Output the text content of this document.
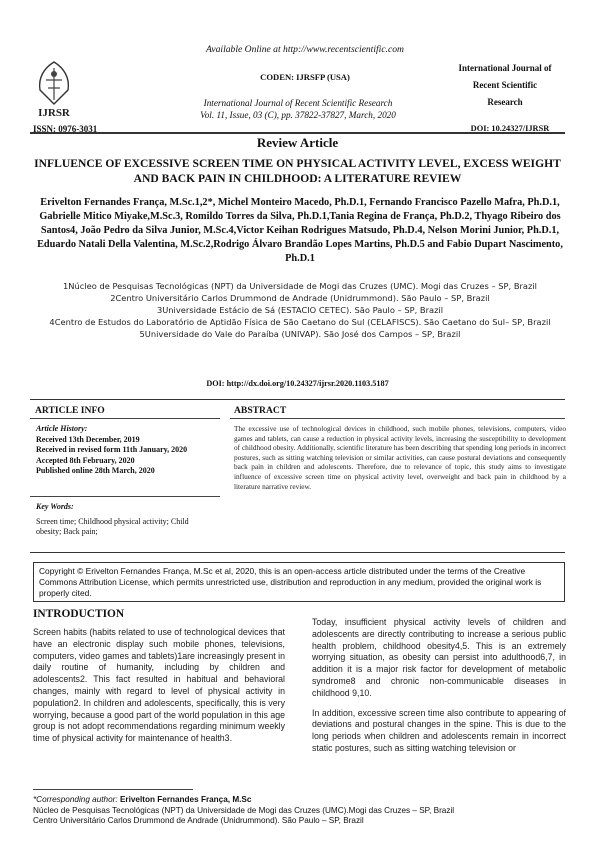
Available Online at http://www.recentscientific.com
CODEN: IJRSFP (USA)
International Journal of Recent Scientific Research
Vol. 11, Issue, 03 (C), pp. 37822-37827, March, 2020
IJRSR
ISSN: 0976-3031
International Journal of
Recent Scientific
Research
DOI: 10.24327/IJRSR
Review Article
INFLUENCE OF EXCESSIVE SCREEN TIME ON PHYSICAL ACTIVITY LEVEL, EXCESS WEIGHT AND BACK PAIN IN CHILDHOOD: A LITERATURE REVIEW
Erivelton Fernandes França, M.Sc.1,2*, Michel Monteiro Macedo, Ph.D.1, Fernando Francisco Pazello Mafra, Ph.D.1, Gabrielle Mitico Miyake,M.Sc.3, Romildo Torres da Silva, Ph.D.1,Tania Regina de França, Ph.D.2, Thyago Ribeiro dos Santos4, João Pedro da Silva Junior, M.Sc.4,Victor Keihan Rodrigues Matsudo, Ph.D.4, Nelson Morini Junior, Ph.D.1, Eduardo Natali Della Valentina, M.Sc.2,Rodrigo Álvaro Brandão Lopes Martins, Ph.D.5 and Fabio Dupart Nascimento, Ph.D.1
1Núcleo de Pesquisas Tecnológicas (NPT) da Universidade de Mogi das Cruzes (UMC). Mogi das Cruzes – SP, Brazil
2Centro Universitário Carlos Drummond de Andrade (Unidrummond). São Paulo – SP, Brazil
3Universidade Estácio de Sá (ESTACIO CETEC). São Paulo – SP, Brazil
4Centro de Estudos do Laboratório de Aptidão Física de São Caetano do Sul (CELAFISCS). São Caetano do Sul– SP, Brazil
5Universidade do Vale do Paraíba (UNIVAP). São José dos Campos – SP, Brazil
DOI: http://dx.doi.org/10.24327/ijrsr.2020.1103.5187
ARTICLE INFO	ABSTRACT
Article History:
Received 13th December, 2019
Received in revised form 11th January, 2020
Accepted 8th February, 2020
Published online 28th March, 2020
Key Words:
Screen time; Childhood physical activity; Child obesity; Back pain;
The excessive use of technological devices in childhood, such mobile phones, televisions, computers, video games and tablets, can cause a reduction in physical activity levels, increasing the susceptibility to development of childhood obesity. Additionally, scientific literature has been describing that spending long periods in incorrect postures, such as sitting watching television or similar activities, can cause postural deviations and consequently back pain in children and adolescents. Therefore, due to relevance of topic, this study aims to investigate influence of excessive screen time on physical activity level, overweight and back pain in childhood by a literature narrative review.
Copyright © Erivelton Fernandes França, M.Sc et al, 2020, this is an open-access article distributed under the terms of the Creative Commons Attribution License, which permits unrestricted use, distribution and reproduction in any medium, provided the original work is properly cited.
INTRODUCTION
Screen habits (habits related to use of technological devices that have an electronic display such mobile phones, televisions, computers, video games and tablets)1are increasingly present in daily routine of humanity, including by children and adolescents2. This fact resulted in habitual and behavioral changes, mainly with regard to level of physical activity in population2. In children and adolescents, specifically, this is very worrying, because a good part of the world population in this age group is not adopt recommendations regarding minimum weekly time of physical activity for maintenance of health3.
Today, insufficient physical activity levels of children and adolescents are directly contributing to increase a serious public health problem, childhood obesity4,5. This is an extremely worrying situation, as obesity can persist into adulthood6,7, in addition it is a major risk factor for development of metabolic syndrome8 and chronic non-communicable diseases in childhood 9,10.
In addition, excessive screen time also contribute to appearing of deviations and postural changes in the spine. This is due to the long periods when children and adolescents remain in incorrect static postures, such as sitting watching television or
*Corresponding author: Erivelton Fernandes França, M.Sc
Núcleo de Pesquisas Tecnológicas (NPT) da Universidade de Mogi das Cruzes (UMC).Mogi das Cruzes – SP, Brazil
Centro Universitário Carlos Drummond de Andrade (Unidrummond). São Paulo – SP, Brazil
